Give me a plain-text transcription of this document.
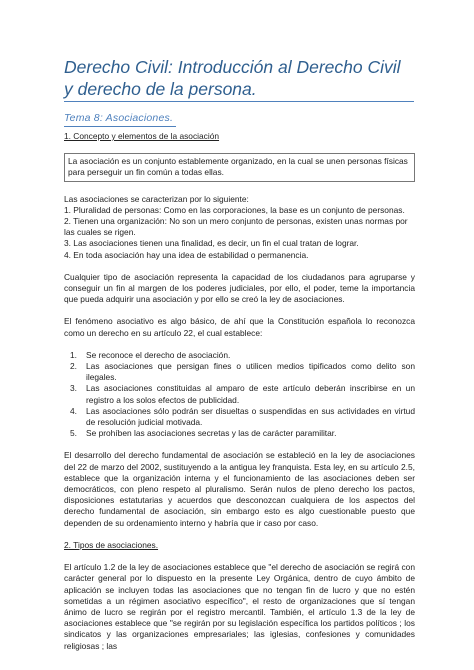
Derecho Civil: Introducción al Derecho Civil y derecho de la persona.
Tema 8: Asociaciones.

1. Concepto y elementos de la asociación

La asociación es un conjunto establemente organizado, en la cual se unen personas físicas para perseguir un fin común a todas ellas.

Las asociaciones se caracterizan por lo siguiente:

1. Pluralidad de personas: Como en las corporaciones, la base es un conjunto de personas.

2. Tienen una organización: No son un mero conjunto de personas, existen unas normas por las cuales se rigen.

3. Las asociaciones tienen una finalidad, es decir, un fin el cual tratan de lograr.

4. En toda asociación hay una idea de estabilidad o permanencia.

Cualquier tipo de asociación representa la capacidad de los ciudadanos para agruparse y conseguir un fin al margen de los poderes judiciales, por ello, el poder, teme la importancia que pueda adquirir una asociación y por ello se creó la ley de asociaciones.

El fenómeno asociativo es algo básico, de ahí que la Constitución española lo reconozca como un derecho en su artículo 22, el cual establece:

1.	Se reconoce el derecho de asociación.
2.	Las asociaciones que persigan fines o utilicen medios tipificados como delito son ilegales.
3.	Las asociaciones constituidas al amparo de este artículo deberán inscribirse en un registro a los solos efectos de publicidad.
4.	Las asociaciones sólo podrán ser disueltas o suspendidas en sus actividades en virtud de resolución judicial motivada.
5.	Se prohíben las asociaciones secretas y las de carácter paramilitar.

El desarrollo del derecho fundamental de asociación se estableció en la ley de asociaciones del 22 de marzo del 2002, sustituyendo a la antigua ley franquista. Esta ley, en su artículo 2.5, establece que la organización interna y el funcionamiento de las asociaciones deben ser democráticos, con pleno respeto al pluralismo. Serán nulos de pleno derecho los pactos, disposiciones estatutarias y acuerdos que desconozcan cualquiera de los aspectos del derecho fundamental de asociación, sin embargo esto es algo cuestionable puesto que dependen de su ordenamiento interno y habría que ir caso por caso.

2. Tipos de asociaciones.

El artículo 1.2 de la ley de asociaciones establece que "el derecho de asociación se regirá con carácter general por lo dispuesto en la presente Ley Orgánica, dentro de cuyo ámbito de aplicación se incluyen todas las asociaciones que no tengan fin de lucro y que no estén sometidas a un régimen asociativo específico", el resto de organizaciones que sí tengan ánimo de lucro se regirán por el registro mercantil. También, el artículo 1.3 de la ley de asociaciones establece que "se regirán por su legislación específica los partidos políticos ; los sindicatos y las organizaciones empresariales; las iglesias, confesiones y comunidades religiosas ; las
